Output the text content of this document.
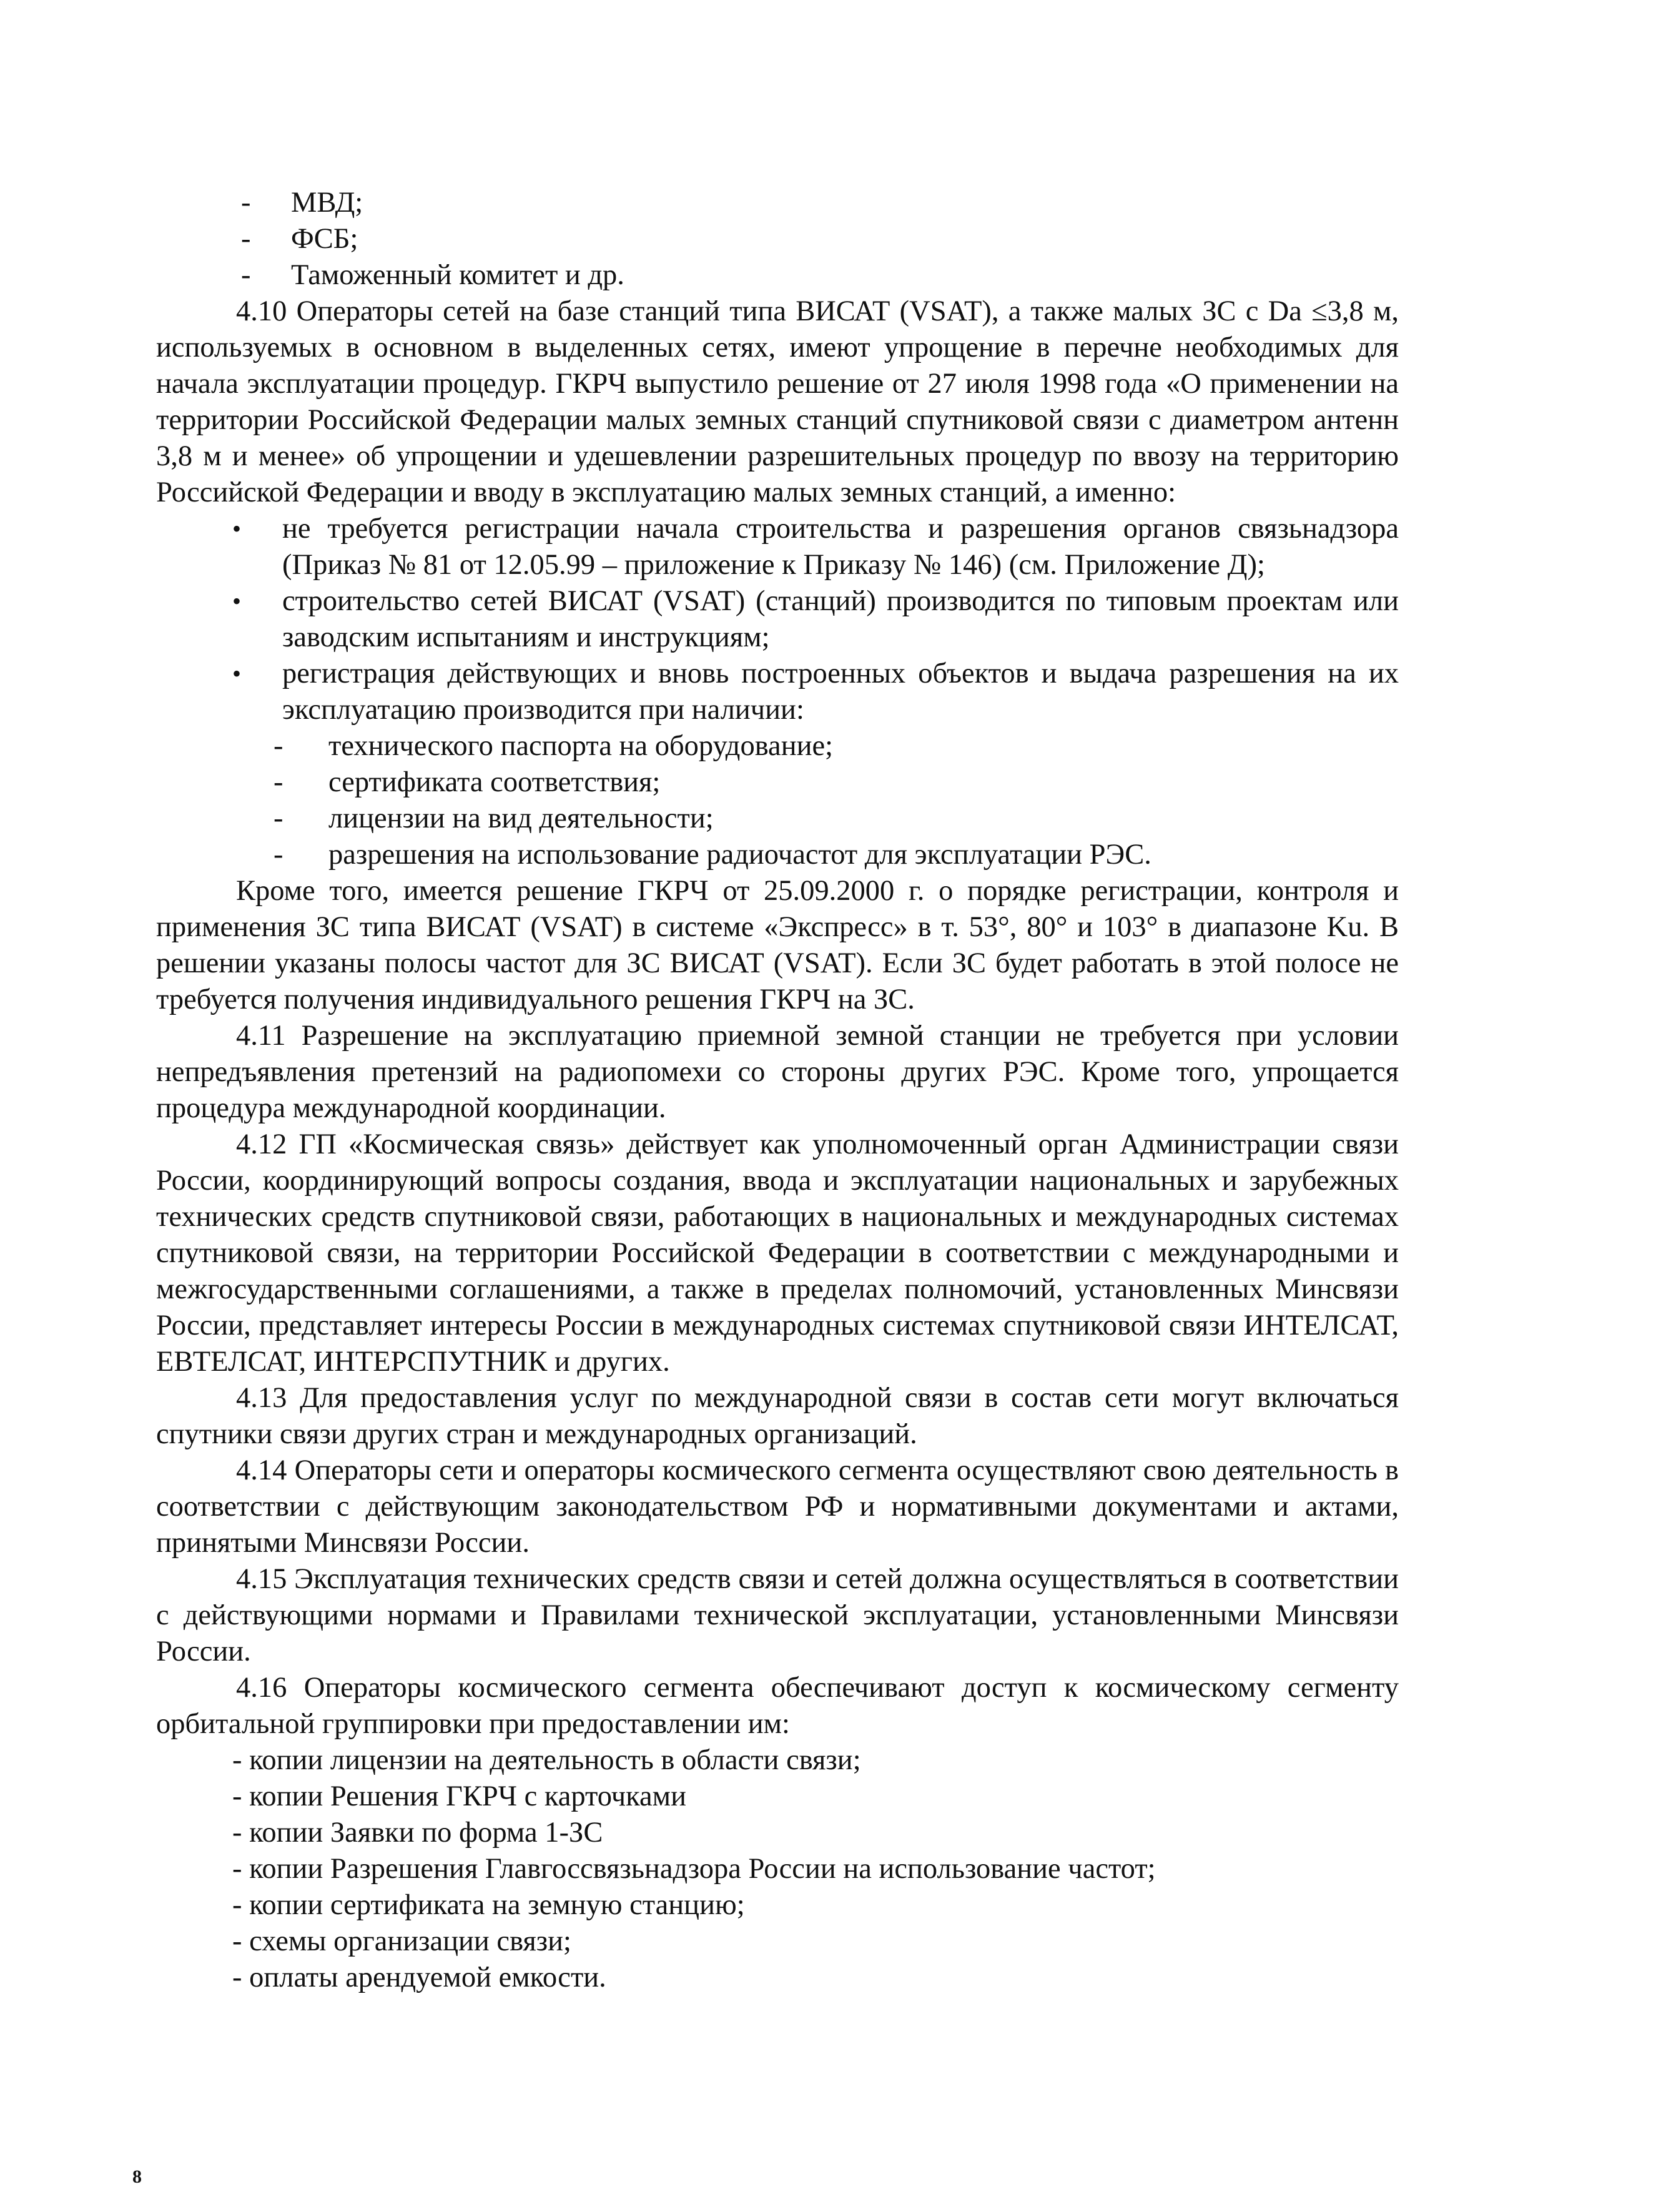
-	МВД;
-	ФСБ;
-	Таможенный комитет и др.

4.10 Операторы сетей на базе станций типа ВИСАТ (VSAT), а также малых ЗС с Da ≤3,8 м, используемых в основном в выделенных сетях, имеют упрощение в перечне необходимых для начала эксплуатации процедур. ГКРЧ выпустило решение от 27 июля 1998 года «О применении на территории Российской Федерации малых земных станций спутниковой связи с диаметром антенн 3,8 м и менее» об упрощении и удешевлении разрешительных процедур по ввозу на территорию Российской Федерации и вводу в эксплуатацию малых земных станций, а именно:

•	не требуется регистрации начала строительства и разрешения органов связьнадзора (Приказ № 81 от 12.05.99 – приложение к Приказу № 146) (см. Приложение Д);
•	строительство сетей ВИСАТ (VSAT) (станций) производится по типовым проектам или заводским испытаниям и инструкциям;
•	регистрация действующих и вновь построенных объектов и выдача разрешения на их эксплуатацию производится при наличии:
-	технического паспорта на оборудование;
-	сертификата соответствия;
-	лицензии на вид деятельности;
-	разрешения на использование радиочастот для эксплуатации РЭС.

Кроме того, имеется решение ГКРЧ от 25.09.2000 г. о порядке регистрации, контроля и применения ЗС типа ВИСАТ (VSAT) в системе «Экспресс» в т. 53°, 80° и 103° в диапазоне Ku. В решении указаны полосы частот для ЗС ВИСАТ (VSAT). Если ЗС будет работать в этой полосе не требуется получения индивидуального решения ГКРЧ на ЗС.

4.11 Разрешение на эксплуатацию приемной земной станции не требуется при условии непредъявления претензий на радиопомехи со стороны других РЭС. Кроме того, упрощается процедура международной координации.

4.12 ГП «Космическая связь» действует как уполномоченный орган Администрации связи России, координирующий вопросы создания, ввода и эксплуатации национальных и зарубежных технических средств спутниковой связи, работающих в национальных и международных системах спутниковой связи, на территории Российской Федерации в соответствии с международными и межгосударственными соглашениями, а также в пределах полномочий, установленных Минсвязи России, представляет интересы России в международных системах спутниковой связи ИНТЕЛСАТ, ЕВТЕЛСАТ, ИНТЕРСПУТНИК и других.

4.13 Для предоставления услуг по международной связи в состав сети могут включаться спутники связи других стран и международных организаций.

4.14 Операторы сети и операторы космического сегмента осуществляют свою деятельность в соответствии с действующим законодательством РФ и нормативными документами и актами, принятыми Минсвязи России.

4.15 Эксплуатация технических средств связи и сетей должна осуществляться в соответствии с действующими нормами и Правилами технической эксплуатации, установленными Минсвязи России.

4.16 Операторы космического сегмента обеспечивают доступ к космическому сегменту орбитальной группировки при предоставлении им:

- копии лицензии на деятельность в области связи;

- копии Решения ГКРЧ с карточками

- копии Заявки по форма 1-ЗС

- копии Разрешения Главгоссвязьнадзора России на использование частот;

- копии сертификата на земную станцию;

- схемы организации связи;

- оплаты арендуемой емкости.

8
